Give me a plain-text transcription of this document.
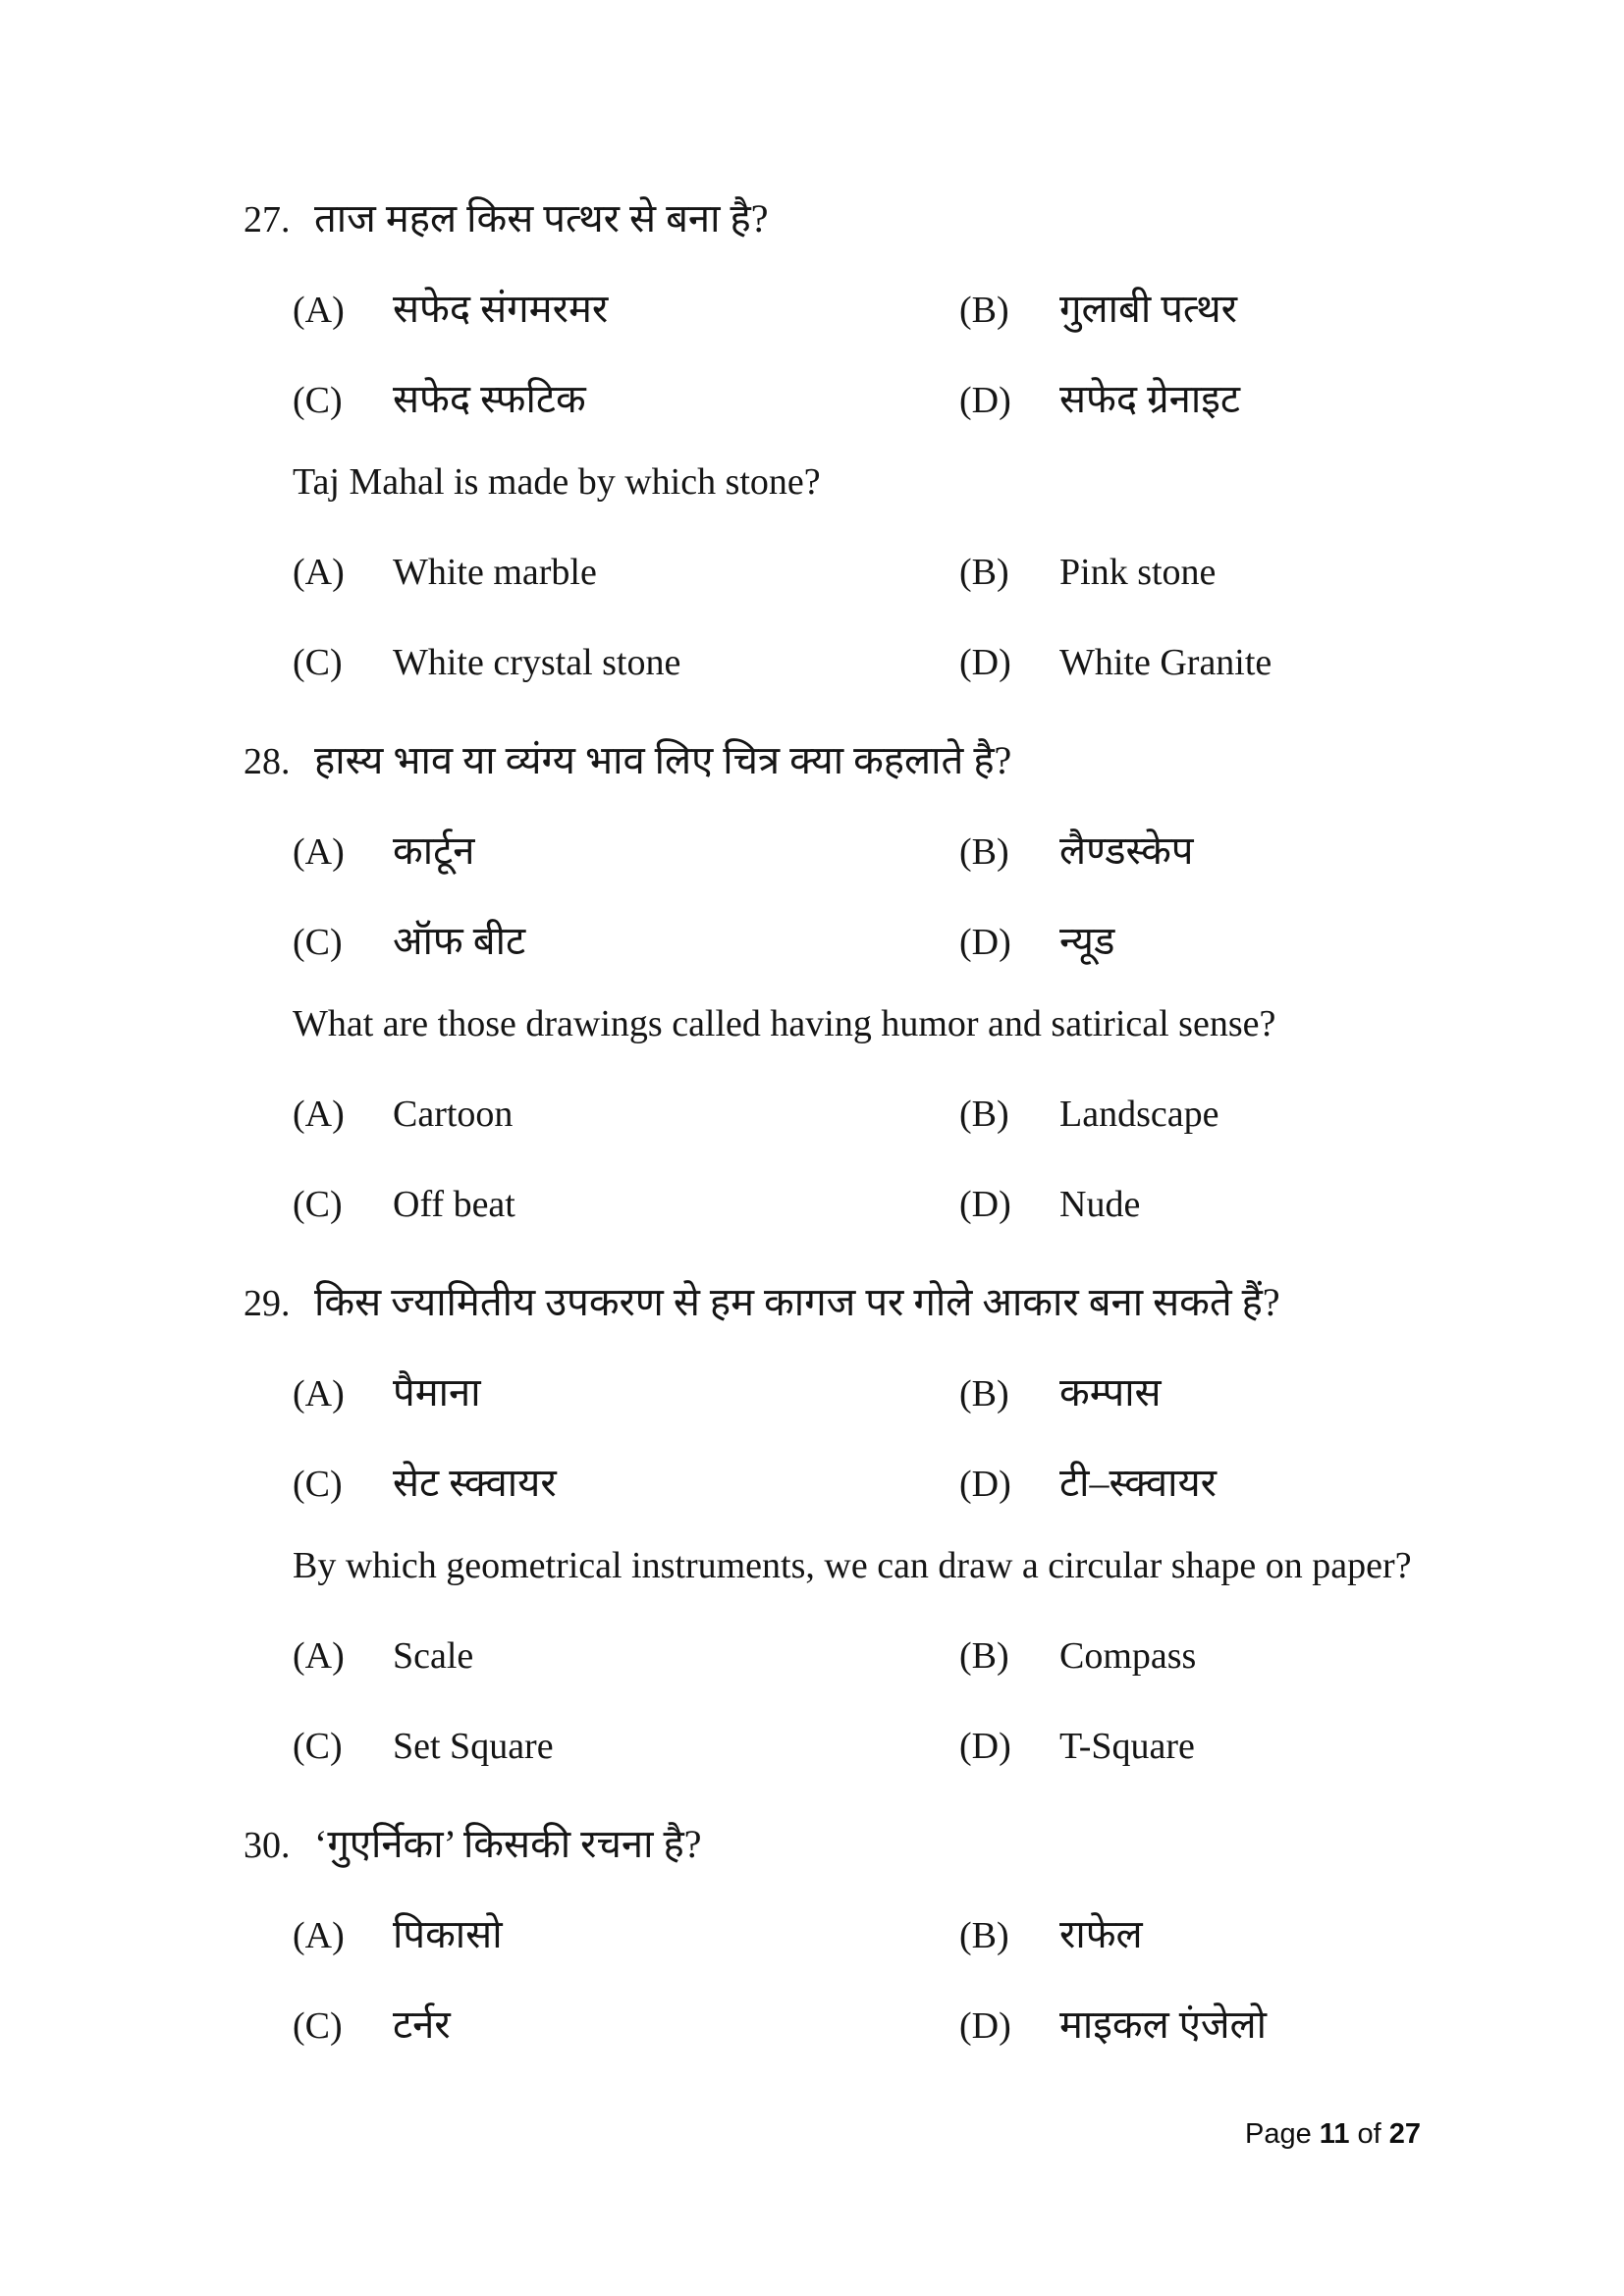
27. ताज महल किस पत्थर से बना है?
(A)	सफेद संगमरमर	(B)	गुलाबी पत्थर
(C)	सफेद स्फटिक	(D)	सफेद ग्रेनाइट
Taj Mahal is made by which stone?
(A)	White marble	(B)	Pink stone
(C)	White crystal stone	(D)	White Granite
28. हास्य भाव या व्यंग्य भाव लिए चित्र क्या कहलाते है?
(A)	कार्टून	(B)	लैण्डस्केप
(C)	ऑफ बीट	(D)	न्यूड
What are those drawings called having humor and satirical sense?
(A)	Cartoon	(B)	Landscape
(C)	Off beat	(D)	Nude
29. किस ज्यामितीय उपकरण से हम कागज पर गोले आकार बना सकते हैं?
(A)	पैमाना	(B)	कम्पास
(C)	सेट स्क्वायर	(D)	टी–स्क्वायर
By which geometrical instruments, we can draw a circular shape on paper?
(A)	Scale	(B)	Compass
(C)	Set Square	(D)	T-Square
30. ‘गुएर्निका’ किसकी रचना है?
(A)	पिकासो	(B)	राफेल
(C)	टर्नर	(D)	माइकल एंजेलो
Page 11 of 27
